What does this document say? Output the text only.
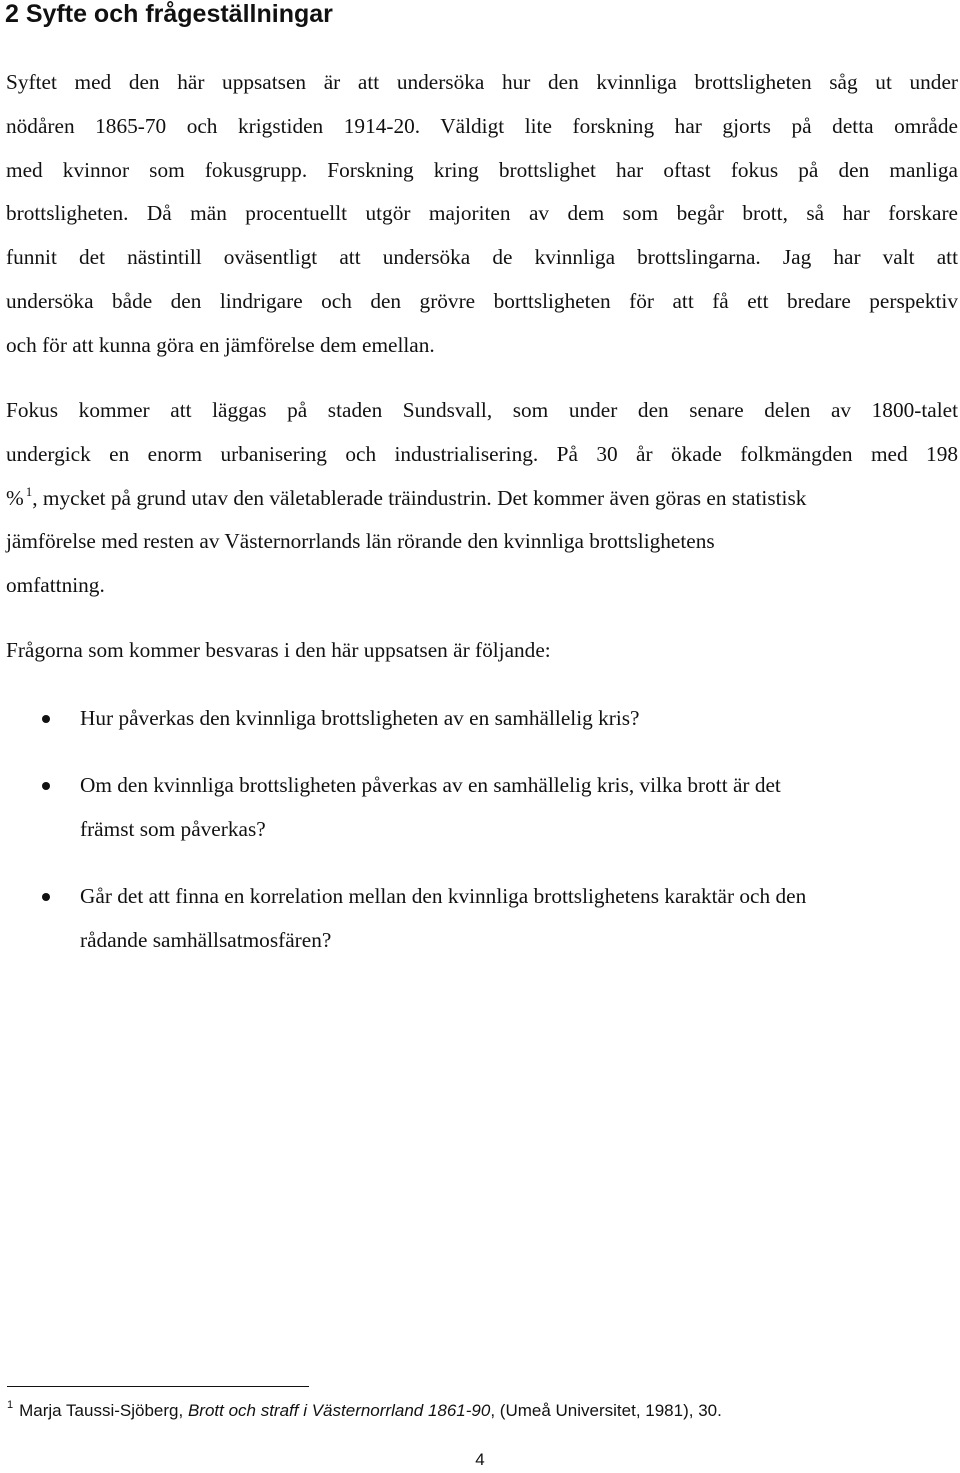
2 Syfte och frågeställningar

Syftet med den här uppsatsen är att undersöka hur den kvinnliga brottsligheten såg ut under
nödåren 1865-70 och krigstiden 1914-20. Väldigt lite forskning har gjorts på detta område
med kvinnor som fokusgrupp. Forskning kring brottslighet har oftast fokus på den manliga
brottsligheten. Då män procentuellt utgör majoriten av dem som begår brott, så har forskare
funnit det nästintill oväsentligt att undersöka de kvinnliga brottslingarna. Jag har valt att
undersöka både den lindrigare och den grövre borttsligheten för att få ett bredare perspektiv
och för att kunna göra en jämförelse dem emellan.

Fokus kommer att läggas på staden Sundsvall, som under den senare delen av 1800-talet
undergick en enorm urbanisering och industrialisering. På 30 år ökade folkmängden med 198
% $^1$, mycket på grund utav den väletablerade träindustrin. Det kommer även göras en statistisk
jämförelse med resten av Västernorrlands län rörande den kvinnliga brottslighetens
omfattning.

Frågorna som kommer besvaras i den här uppsatsen är följande:

Hur påverkas den kvinnliga brottsligheten av en samhällelig kris?
Om den kvinnliga brottsligheten påverkas av en samhällelig kris, vilka brott är det
främst som påverkas?
Går det att finna en korrelation mellan den kvinnliga brottslighetens karaktär och den
rådande samhällsatmosfären?

$^1$ Marja Taussi-Sjöberg, Brott och straff i Västernorrland 1861-90, (Umeå Universitet, 1981), 30.

4
